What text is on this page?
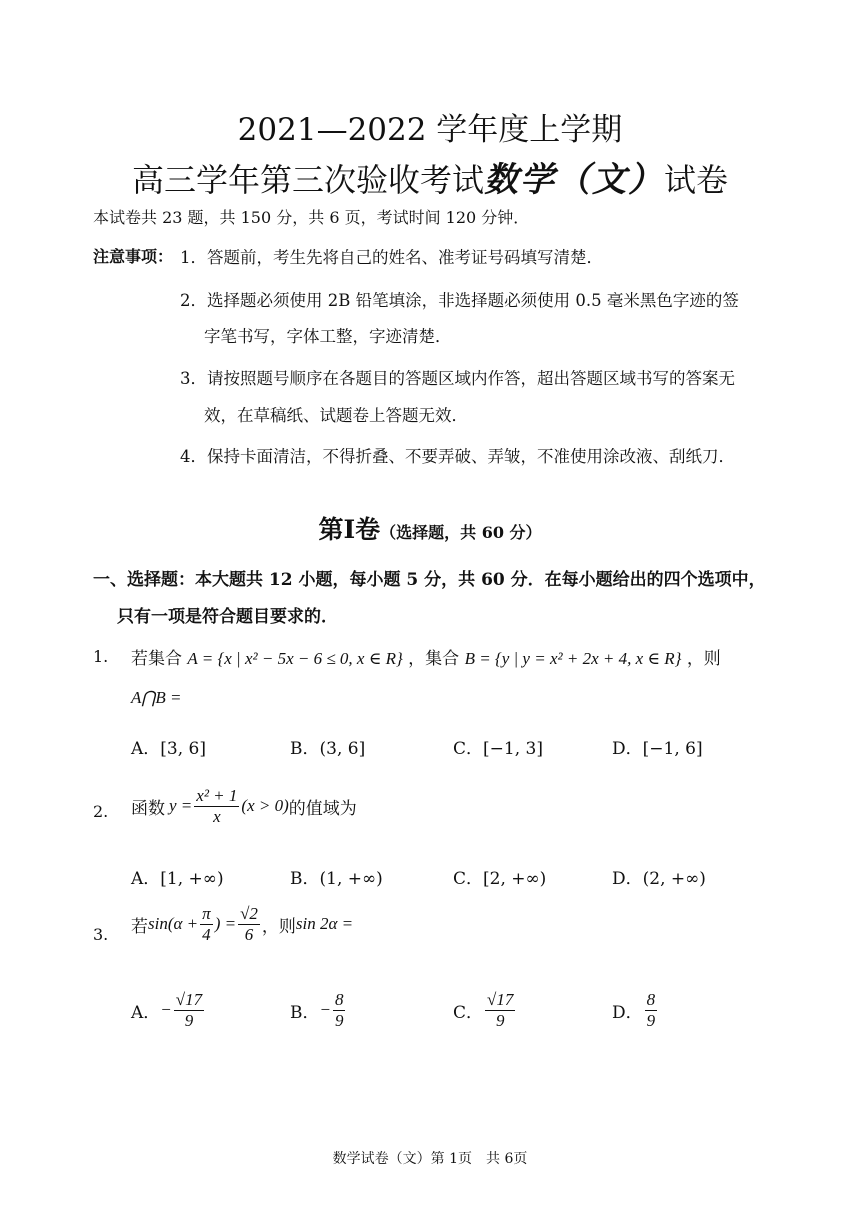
2021—2022 学年度上学期
高三学年第三次验收考试数学（文）试卷
本试卷共 23 题，共 150 分，共 6 页，考试时间 120 分钟．
注意事项： 1．答题前，考生先将自己的姓名、准考证号码填写清楚．
2．选择题必须使用 2B 铅笔填涂，非选择题必须使用 0.5 毫米黑色字迹的签
字笔书写，字体工整，字迹清楚．
3．请按照题号顺序在各题目的答题区域内作答，超出答题区域书写的答案无
效，在草稿纸、试题卷上答题无效．
4．保持卡面清洁，不得折叠、不要弄破、弄皱，不准使用涂改液、刮纸刀．
第Ⅰ卷（选择题，共 60 分）
一、选择题：本大题共 12 小题，每小题 5 分，共 60 分．在每小题给出的四个选项中，
只有一项是符合题目要求的．
1. 若集合 A = {x | x² − 5x − 6 ≤ 0, x ∈ R} ，集合 B = {y | y = x² + 2x + 4, x ∈ R} ，则
A⋂B =
A．[3, 6]	B．(3, 6]	C．[−1, 3]	D．[−1, 6]
2. 函数 $y = \frac{\text{x² + 1}}{x} (x > 0)$ 的值域为
A．[1, +∞)	B．(1, +∞)	C．[2, +∞)	D．(2, +∞)
3. 若 $\sin(\alpha + \frac{\pi}{4}$ ) = $\frac{√2}{6}$ ，则 sin 2α =
A． − $\frac{√17}{9}$	B． − $\frac{8}{9}$	C． $\frac{√17}{9}$	D． $\frac{8}{9}$
数学试卷（文）第 1页　共 6页
